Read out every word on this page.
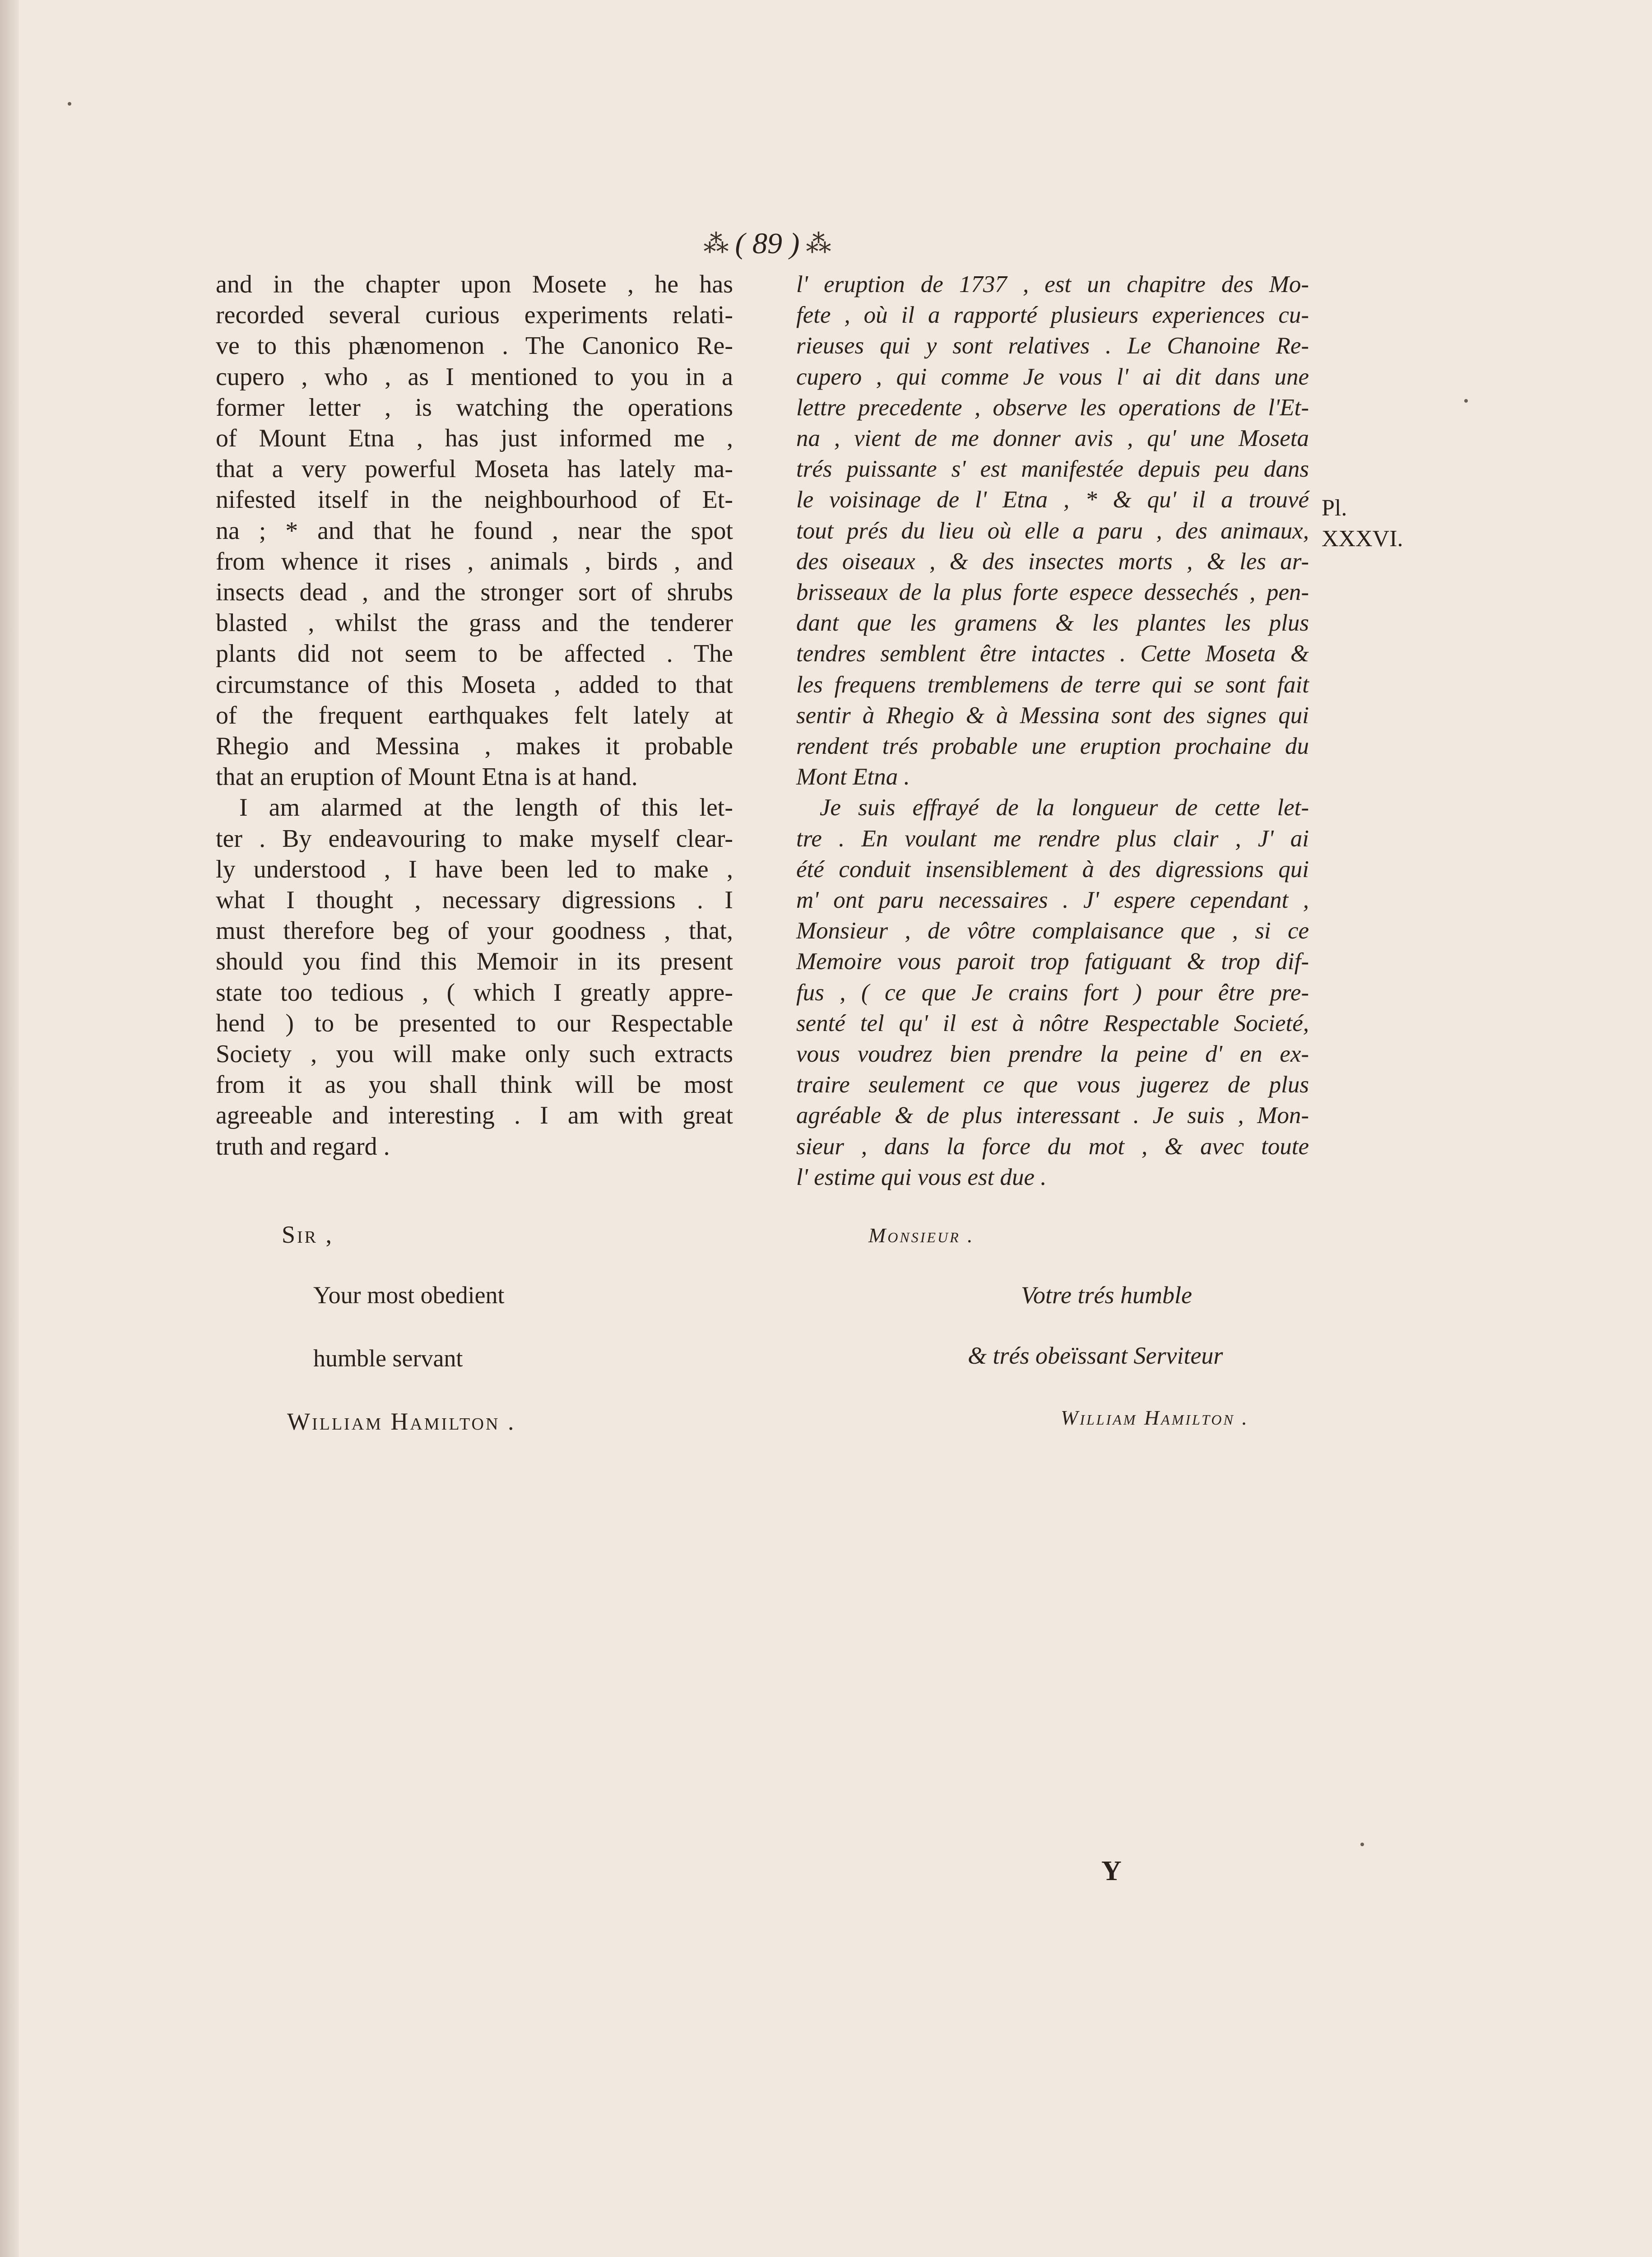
⁂ ( 89 ) ⁂
and in the chapter upon Mosete , he has
recorded several curious experiments relati-
ve to this phænomenon . The Canonico Re-
cupero , who , as I mentioned to you in a
former letter , is watching the operations
of Mount Etna , has just informed me ,
that a very powerful Moseta has lately ma-
nifested itself in the neighbourhood of Et-
na ; * and that he found , near the spot
from whence it rises , animals , birds , and
insects dead , and the stronger sort of shrubs
blasted , whilst the grass and the tenderer
plants did not seem to be affected . The
circumstance of this Moseta , added to that
of the frequent earthquakes felt lately at
Rhegio and Messina , makes it probable
that an eruption of Mount Etna is at hand.
I am alarmed at the length of this let-
ter . By endeavouring to make myself clear-
ly understood , I have been led to make ,
what I thought , necessary digressions . I
must therefore beg of your goodness , that,
should you find this Memoir in its present
state too tedious , ( which I greatly appre-
hend ) to be presented to our Respectable
Society , you will make only such extracts
from it as you shall think will be most
agreeable and interesting . I am with great
truth and regard .
l' eruption de 1737 , est un chapitre des Mo-
fete , où il a rapporté plusieurs experiences cu-
rieuses qui y sont relatives . Le Chanoine Re-
cupero , qui comme Je vous l' ai dit dans une
lettre precedente , observe les operations de l'Et-
na , vient de me donner avis , qu' une Moseta
trés puissante s' est manifestée depuis peu dans
le voisinage de l' Etna , * & qu' il a trouvé
tout prés du lieu où elle a paru , des animaux,
des oiseaux , & des insectes morts , & les ar-
brisseaux de la plus forte espece dessechés , pen-
dant que les gramens & les plantes les plus
tendres semblent être intactes . Cette Moseta &
les frequens tremblemens de terre qui se sont fait
sentir à Rhegio & à Messina sont des signes qui
rendent trés probable une eruption prochaine du
Mont Etna .
Je suis effrayé de la longueur de cette let-
tre . En voulant me rendre plus clair , J' ai
été conduit insensiblement à des digressions qui
m' ont paru necessaires . J' espere cependant ,
Monsieur , de vôtre complaisance que , si ce
Memoire vous paroit trop fatiguant & trop dif-
fus , ( ce que Je crains fort ) pour être pre-
senté tel qu' il est à nôtre Respectable Societé,
vous voudrez bien prendre la peine d' en ex-
traire seulement ce que vous jugerez de plus
agréable & de plus interessant . Je suis , Mon-
sieur , dans la force du mot , & avec toute
l' estime qui vous est due .
Pl.
XXXVI.
Sir ,
Your most obedient
humble servant
William Hamilton .
Monsieur .
Votre trés humble
& trés obeïssant Serviteur
William Hamilton .
Y
